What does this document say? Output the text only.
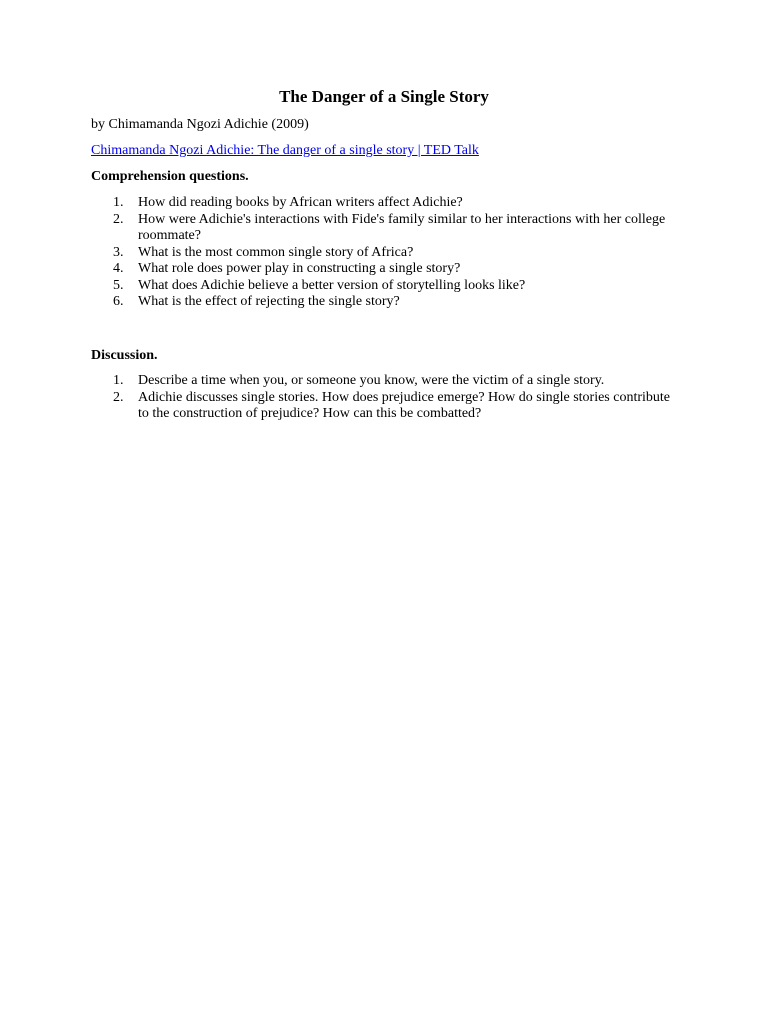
The Danger of a Single Story
by Chimamanda Ngozi Adichie (2009)
Chimamanda Ngozi Adichie: The danger of a single story | TED Talk
Comprehension questions.
1. How did reading books by African writers affect Adichie?
2. How were Adichie's interactions with Fide's family similar to her interactions with her college roommate?
3. What is the most common single story of Africa?
4. What role does power play in constructing a single story?
5. What does Adichie believe a better version of storytelling looks like?
6. What is the effect of rejecting the single story?
Discussion.
1. Describe a time when you, or someone you know, were the victim of a single story.
2. Adichie discusses single stories. How does prejudice emerge? How do single stories contribute to the construction of prejudice? How can this be combatted?
